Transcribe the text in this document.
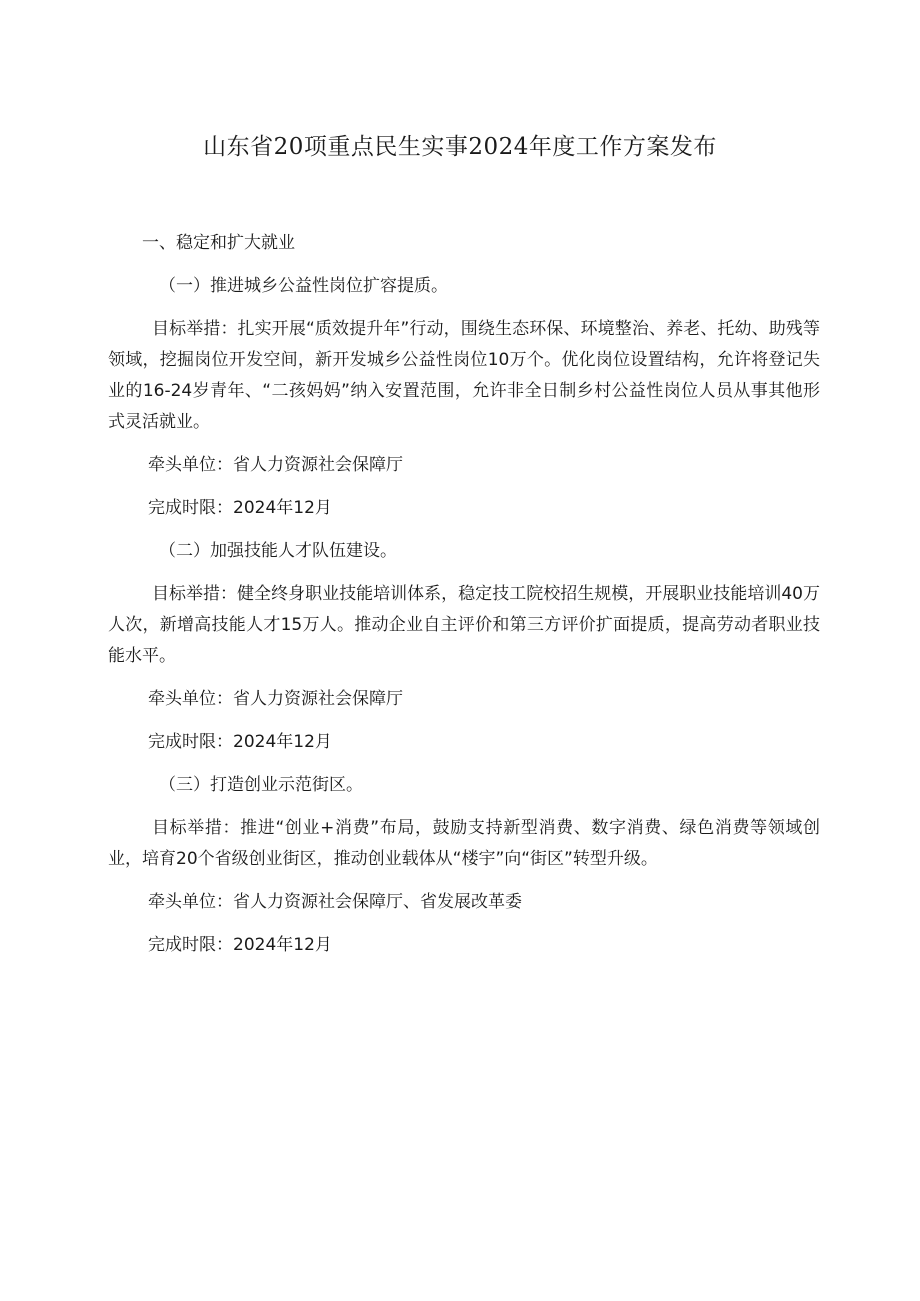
山东省20项重点民生实事2024年度工作方案发布

一、稳定和扩大就业

（一）推进城乡公益性岗位扩容提质。

目标举措：扎实开展“质效提升年”行动，围绕生态环保、环境整治、养老、托幼、助残等领域，挖掘岗位开发空间，新开发城乡公益性岗位10万个。优化岗位设置结构，允许将登记失业的16-24岁青年、“二孩妈妈”纳入安置范围，允许非全日制乡村公益性岗位人员从事其他形式灵活就业。

牵头单位：省人力资源社会保障厅

完成时限：2024年12月

（二）加强技能人才队伍建设。

目标举措：健全终身职业技能培训体系，稳定技工院校招生规模，开展职业技能培训40万人次，新增高技能人才15万人。推动企业自主评价和第三方评价扩面提质，提高劳动者职业技能水平。

牵头单位：省人力资源社会保障厅

完成时限：2024年12月

（三）打造创业示范街区。

目标举措：推进“创业+消费”布局，鼓励支持新型消费、数字消费、绿色消费等领域创业，培育20个省级创业街区，推动创业载体从“楼宇”向“街区”转型升级。

牵头单位：省人力资源社会保障厅、省发展改革委

完成时限：2024年12月
